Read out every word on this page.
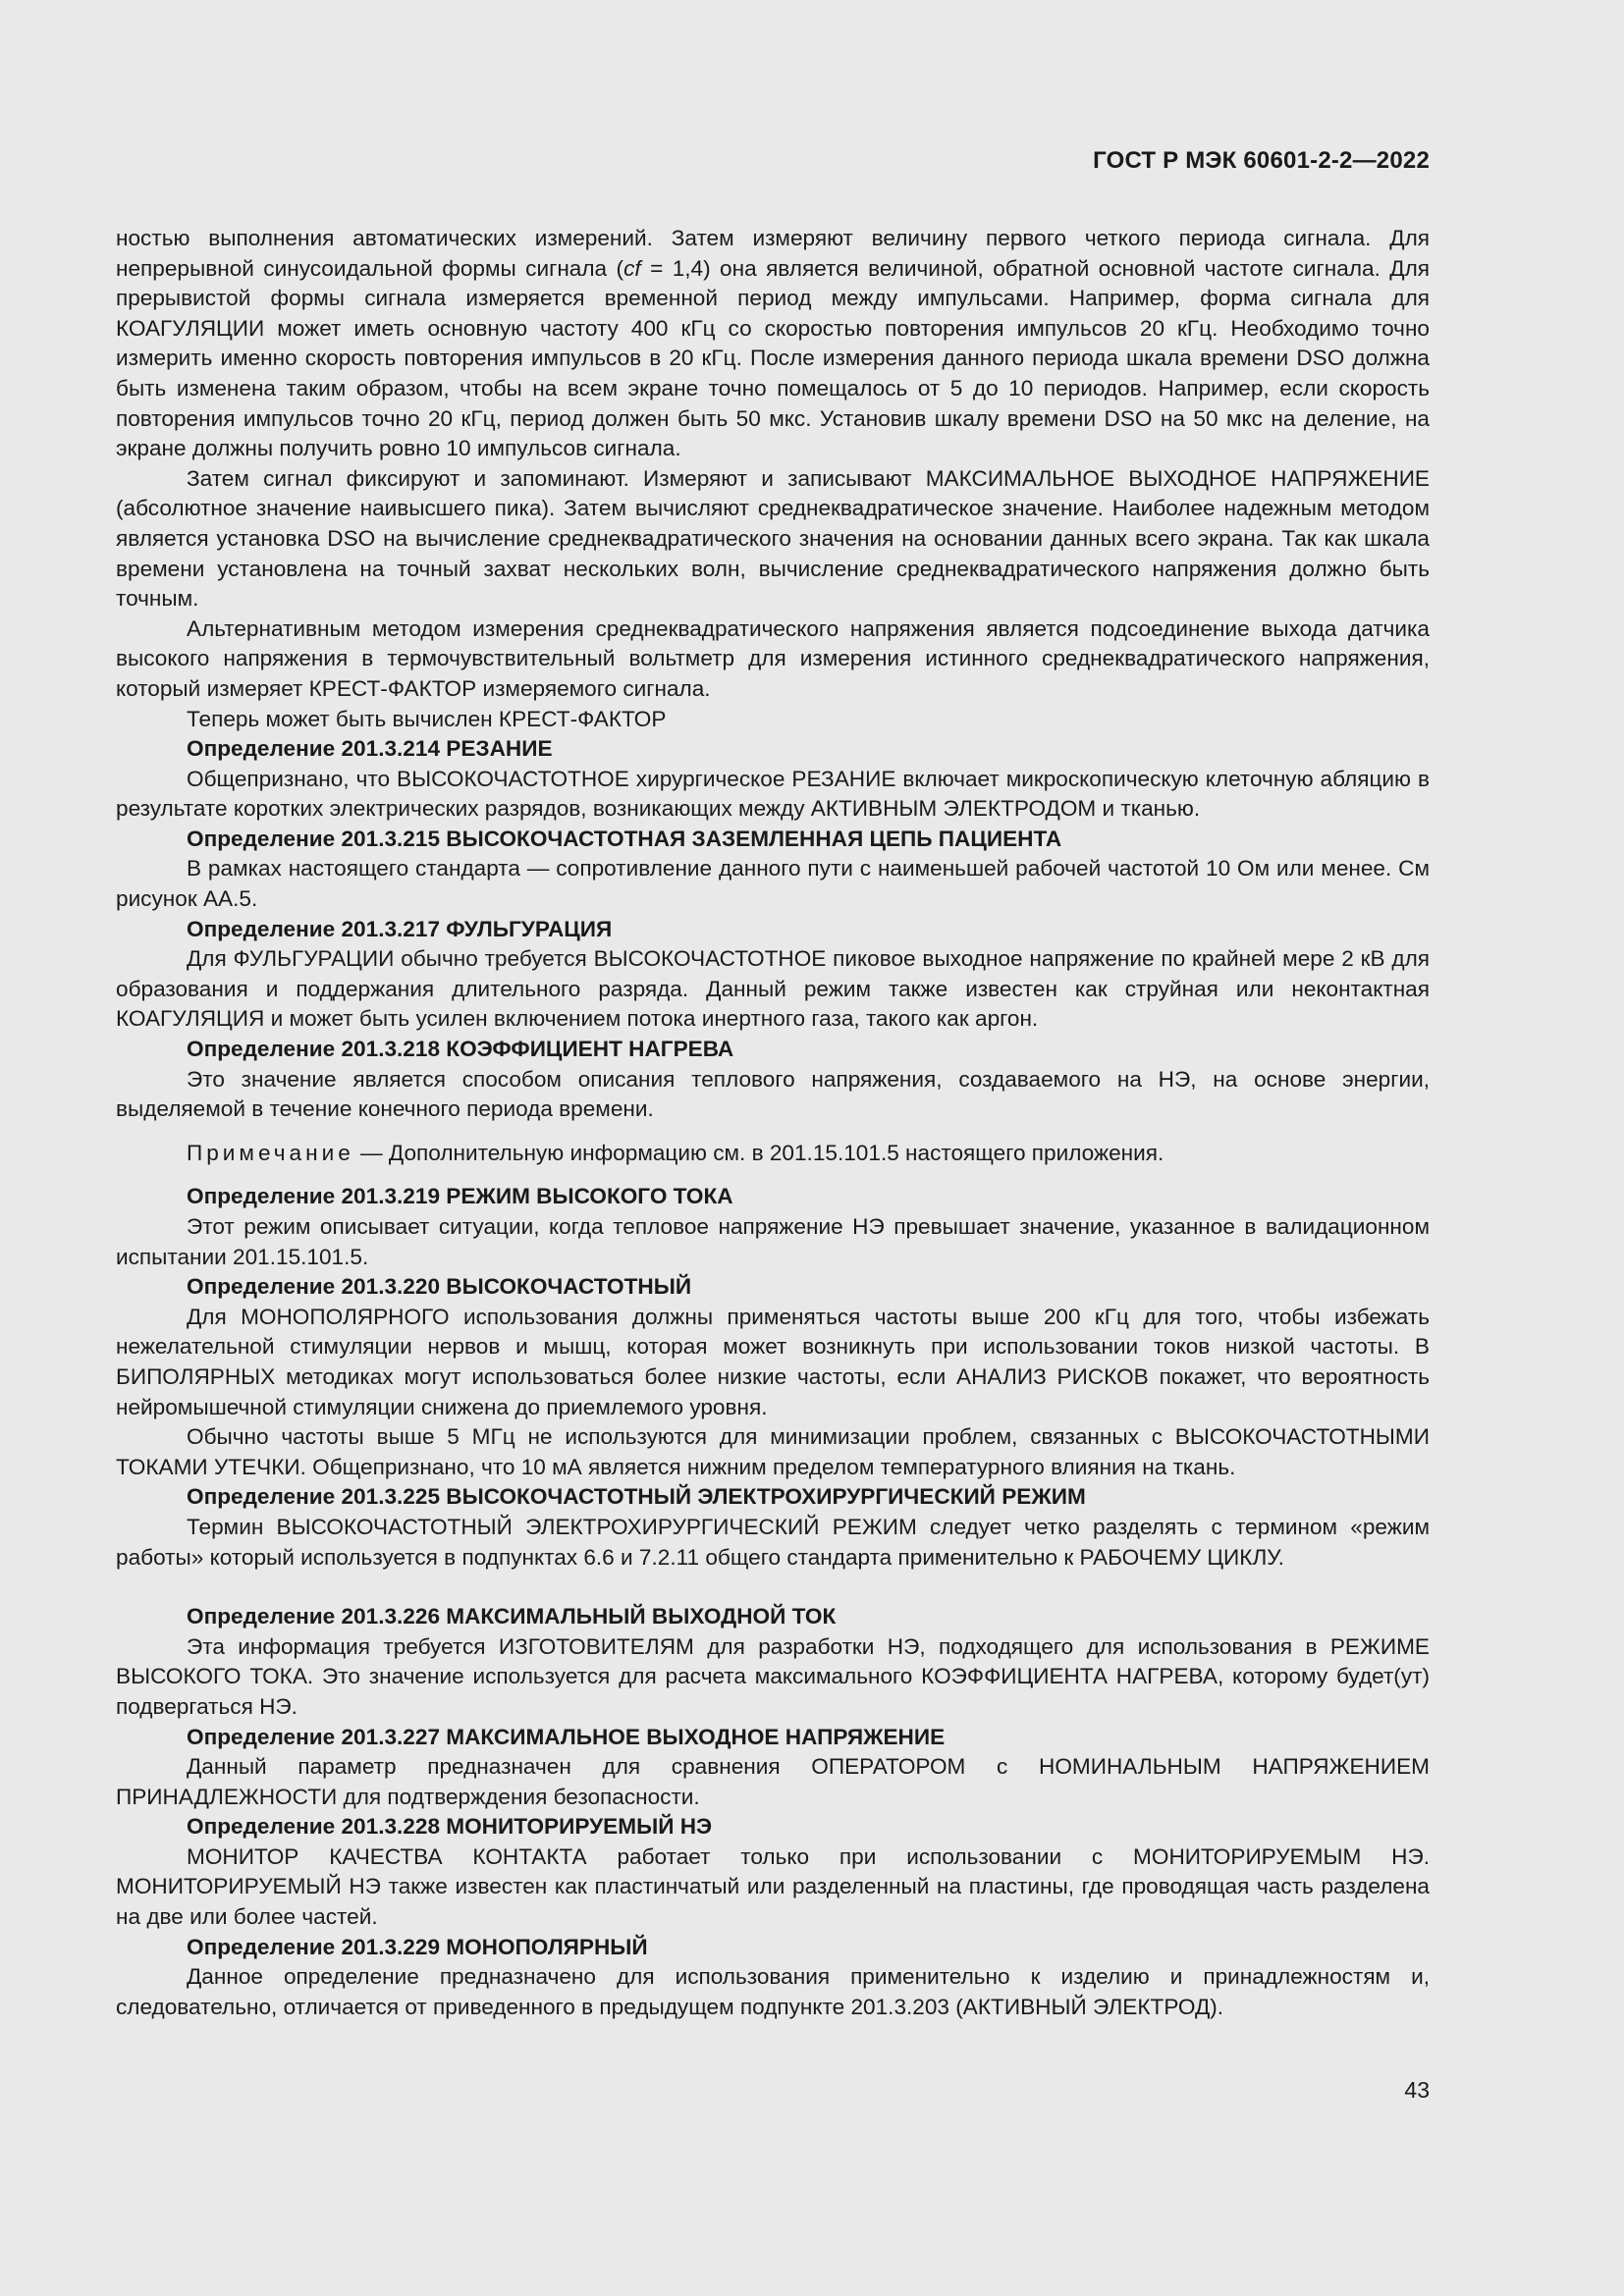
ГОСТ Р МЭК 60601-2-2—2022

ностью выполнения автоматических измерений. Затем измеряют величину первого четкого периода сигнала. Для непрерывной синусоидальной формы сигнала (cf = 1,4) она является величиной, обратной основной частоте сигнала. Для прерывистой формы сигнала измеряется временной период между импульсами. Например, форма сигнала для КОАГУЛЯЦИИ может иметь основную частоту 400 кГц со скоростью повторения импульсов 20 кГц. Необходимо точно измерить именно скорость повторения импульсов в 20 кГц. После измерения данного периода шкала времени DSO должна быть изменена таким образом, чтобы на всем экране точно помещалось от 5 до 10 периодов. Например, если скорость повторения импульсов точно 20 кГц, период должен быть 50 мкс. Установив шкалу времени DSO на 50 мкс на деление, на экране должны получить ровно 10 импульсов сигнала.

Затем сигнал фиксируют и запоминают. Измеряют и записывают МАКСИМАЛЬНОЕ ВЫХОДНОЕ НАПРЯЖЕНИЕ (абсолютное значение наивысшего пика). Затем вычисляют среднеквадратическое значение. Наиболее надежным методом является установка DSO на вычисление среднеквадратического значения на основании данных всего экрана. Так как шкала времени установлена на точный захват нескольких волн, вычисление среднеквадратического напряжения должно быть точным.

Альтернативным методом измерения среднеквадратического напряжения является подсоединение выхода датчика высокого напряжения в термочувствительный вольтметр для измерения истинного среднеквадратического напряжения, который измеряет КРЕСТ-ФАКТОР измеряемого сигнала.

Теперь может быть вычислен КРЕСТ-ФАКТОР

Определение 201.3.214 РЕЗАНИЕ

Общепризнано, что ВЫСОКОЧАСТОТНОЕ хирургическое РЕЗАНИЕ включает микроскопическую клеточную абляцию в результате коротких электрических разрядов, возникающих между АКТИВНЫМ ЭЛЕКТРОДОМ и тканью.

Определение 201.3.215 ВЫСОКОЧАСТОТНАЯ ЗАЗЕМЛЕННАЯ ЦЕПЬ ПАЦИЕНТА

В рамках настоящего стандарта — сопротивление данного пути с наименьшей рабочей частотой 10 Ом или менее. См рисунок АА.5.

Определение 201.3.217 ФУЛЬГУРАЦИЯ

Для ФУЛЬГУРАЦИИ обычно требуется ВЫСОКОЧАСТОТНОЕ пиковое выходное напряжение по крайней мере 2 кВ для образования и поддержания длительного разряда. Данный режим также известен как струйная или неконтактная КОАГУЛЯЦИЯ и может быть усилен включением потока инертного газа, такого как аргон.

Определение 201.3.218 КОЭФФИЦИЕНТ НАГРЕВА

Это значение является способом описания теплового напряжения, создаваемого на НЭ, на основе энергии, выделяемой в течение конечного периода времени.

Примечание — Дополнительную информацию см. в 201.15.101.5 настоящего приложения.

Определение 201.3.219 РЕЖИМ ВЫСОКОГО ТОКА

Этот режим описывает ситуации, когда тепловое напряжение НЭ превышает значение, указанное в валидационном испытании 201.15.101.5.

Определение 201.3.220 ВЫСОКОЧАСТОТНЫЙ

Для МОНОПОЛЯРНОГО использования должны применяться частоты выше 200 кГц для того, чтобы избежать нежелательной стимуляции нервов и мышц, которая может возникнуть при использовании токов низкой частоты. В БИПОЛЯРНЫХ методиках могут использоваться более низкие частоты, если АНАЛИЗ РИСКОВ покажет, что вероятность нейромышечной стимуляции снижена до приемлемого уровня.

Обычно частоты выше 5 МГц не используются для минимизации проблем, связанных с ВЫСОКОЧАСТОТНЫМИ ТОКАМИ УТЕЧКИ. Общепризнано, что 10 мА является нижним пределом температурного влияния на ткань.

Определение 201.3.225 ВЫСОКОЧАСТОТНЫЙ ЭЛЕКТРОХИРУРГИЧЕСКИЙ РЕЖИМ

Термин ВЫСОКОЧАСТОТНЫЙ ЭЛЕКТРОХИРУРГИЧЕСКИЙ РЕЖИМ следует четко разделять с термином «режим работы» который используется в подпунктах 6.6 и 7.2.11 общего стандарта применительно к РАБОЧЕМУ ЦИКЛУ.

Определение 201.3.226 МАКСИМАЛЬНЫЙ ВЫХОДНОЙ ТОК

Эта информация требуется ИЗГОТОВИТЕЛЯМ для разработки НЭ, подходящего для использования в РЕЖИМЕ ВЫСОКОГО ТОКА. Это значение используется для расчета максимального КОЭФФИЦИЕНТА НАГРЕВА, которому будет(ут) подвергаться НЭ.

Определение 201.3.227 МАКСИМАЛЬНОЕ ВЫХОДНОЕ НАПРЯЖЕНИЕ

Данный параметр предназначен для сравнения ОПЕРАТОРОМ с НОМИНАЛЬНЫМ НАПРЯЖЕНИЕМ ПРИНАДЛЕЖНОСТИ для подтверждения безопасности.

Определение 201.3.228 МОНИТОРИРУЕМЫЙ НЭ

МОНИТОР КАЧЕСТВА КОНТАКТА работает только при использовании с МОНИТОРИРУЕМЫМ НЭ. МОНИТОРИРУЕМЫЙ НЭ также известен как пластинчатый или разделенный на пластины, где проводящая часть разделена на две или более частей.

Определение 201.3.229 МОНОПОЛЯРНЫЙ

Данное определение предназначено для использования применительно к изделию и принадлежностям и, следовательно, отличается от приведенного в предыдущем подпункте 201.3.203 (АКТИВНЫЙ ЭЛЕКТРОД).

43
